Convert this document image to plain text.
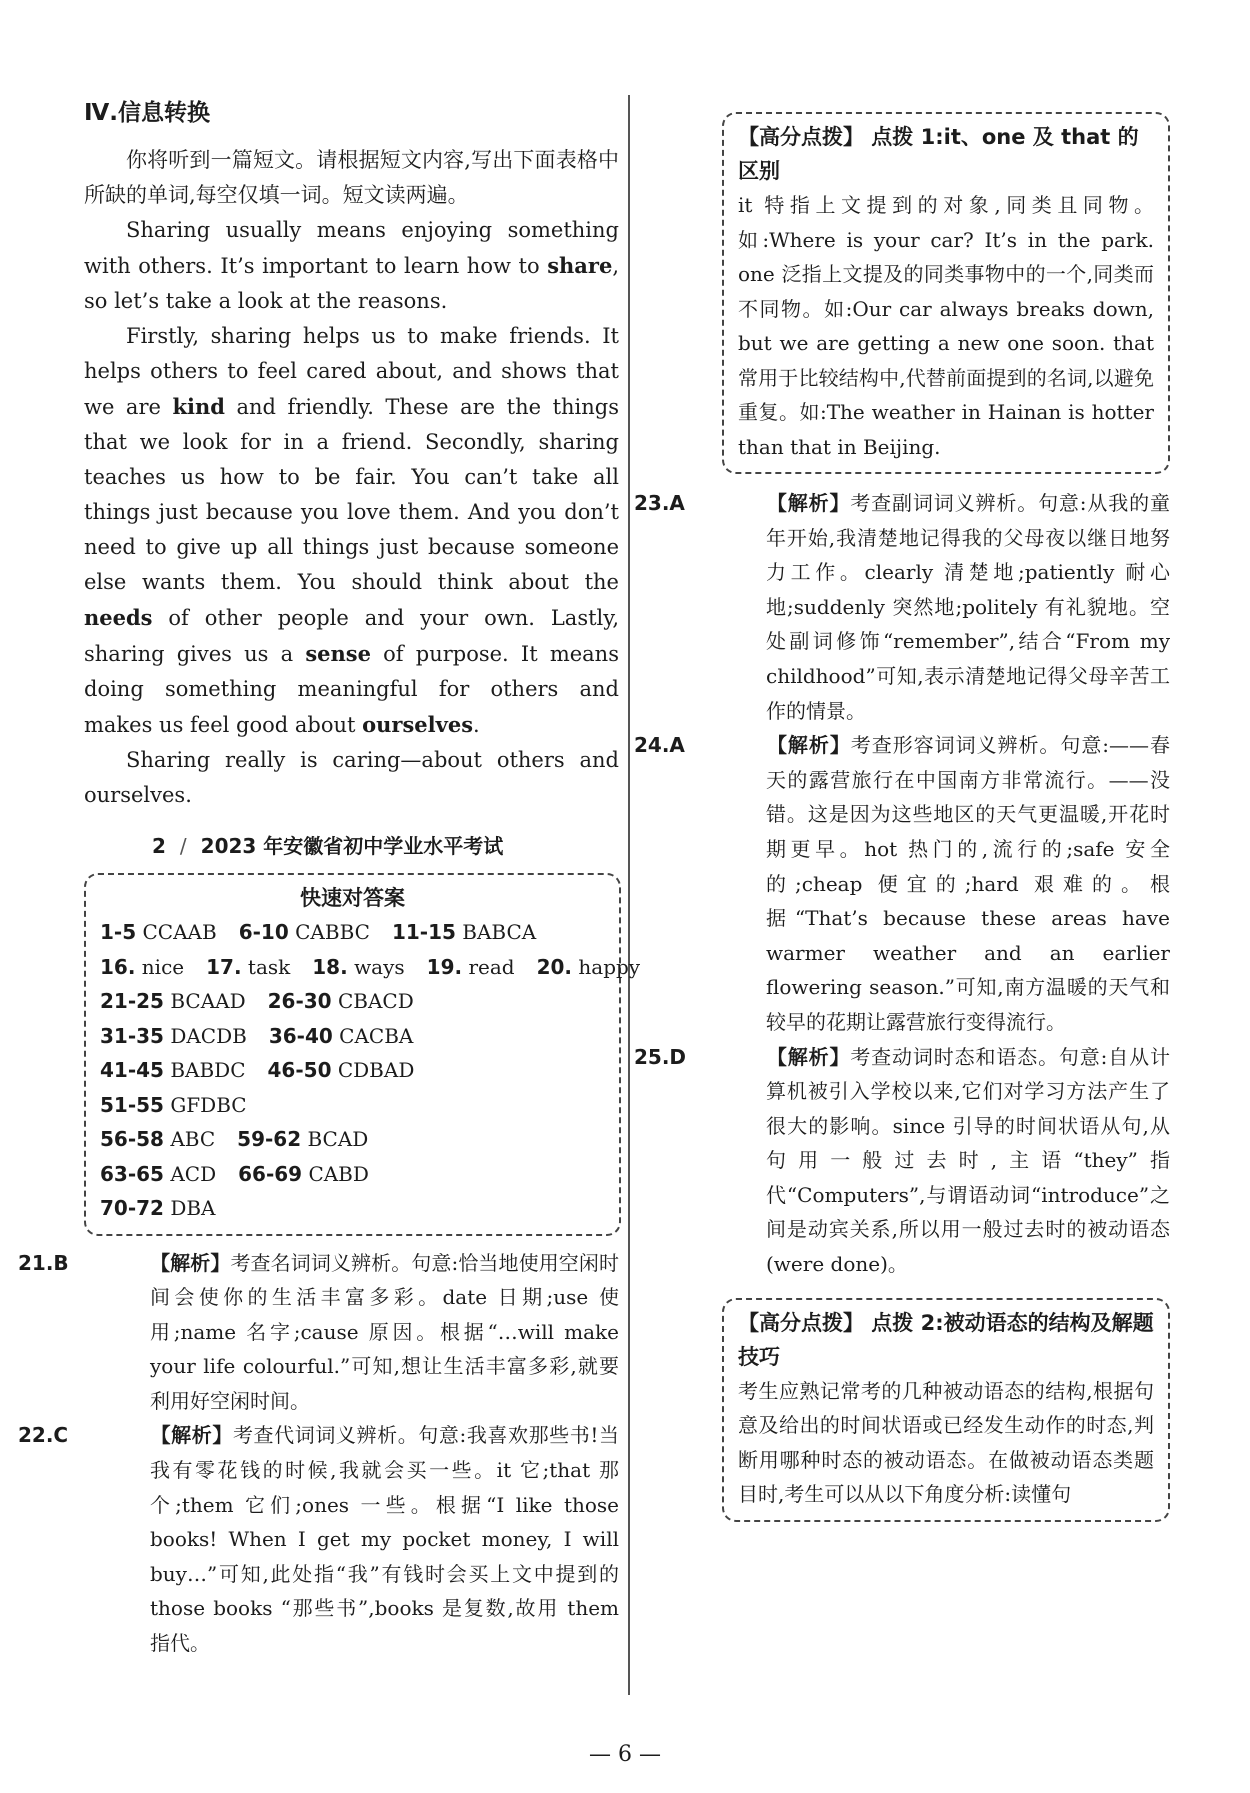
Ⅳ.信息转换

你将听到一篇短文。请根据短文内容,写出下面表格中所缺的单词,每空仅填一词。短文读两遍。

Sharing usually means enjoying something with others. It’s important to learn how to share, so let’s take a look at the reasons.

Firstly, sharing helps us to make friends. It helps others to feel cared about, and shows that we are kind and friendly. These are the things that we look for in a friend. Secondly, sharing teaches us how to be fair. You can’t take all things just because you love them. And you don’t need to give up all things just because someone else wants them. You should think about the needs of other people and your own. Lastly, sharing gives us a sense of purpose. It means doing something meaningful for others and makes us feel good about ourselves.

Sharing really is caring—about others and ourselves.

2 / 2023 年安徽省初中学业水平考试
快速对答案
1-5 CCAAB 6-10 CABBC 11-15 BABCA
16. nice 17. task 18. ways 19. read 20. happy
21-25 BCAAD 26-30 CBACD
31-35 DACDB 36-40 CACBA
41-45 BABDC 46-50 CDBAD
51-55 GFDBC
56-58 ABC 59-62 BCAD
63-65 ACD 66-69 CABD
70-72 DBA

21.B	【解析】考查名词词义辨析。句意:恰当地使用空闲时间会使你的生活丰富多彩。date 日期;use 使用;name 名字;cause 原因。根据“…will make your life colourful.”可知,想让生活丰富多彩,就要利用好空闲时间。

22.C	【解析】考查代词词义辨析。句意:我喜欢那些书!当我有零花钱的时候,我就会买一些。it 它;that 那个;them 它们;ones 一些。根据“I like those books! When I get my pocket money, I will buy…”可知,此处指“我”有钱时会买上文中提到的 those books “那些书”,books 是复数,故用 them 指代。

【高分点拨】 点拨 1:it、one 及 that 的区别

it 特指上文提到的对象,同类且同物。如:Where is your car? It’s in the park. one 泛指上文提及的同类事物中的一个,同类而不同物。如:Our car always breaks down, but we are getting a new one soon. that 常用于比较结构中,代替前面提到的名词,以避免重复。如:The weather in Hainan is hotter than that in Beijing.

23.A	【解析】考查副词词义辨析。句意:从我的童年开始,我清楚地记得我的父母夜以继日地努力工作。clearly 清楚地;patiently 耐心地;suddenly 突然地;politely 有礼貌地。空处副词修饰“remember”,结合“From my childhood”可知,表示清楚地记得父母辛苦工作的情景。

24.A	【解析】考查形容词词义辨析。句意:——春天的露营旅行在中国南方非常流行。——没错。这是因为这些地区的天气更温暖,开花时期更早。hot 热门的,流行的;safe 安全的;cheap 便宜的;hard 艰难的。根据“That’s because these areas have warmer weather and an earlier flowering season.”可知,南方温暖的天气和较早的花期让露营旅行变得流行。

25.D	【解析】考查动词时态和语态。句意:自从计算机被引入学校以来,它们对学习方法产生了很大的影响。since 引导的时间状语从句,从句用一般过去时,主语“they”指代“Computers”,与谓语动词“introduce”之间是动宾关系,所以用一般过去时的被动语态(were done)。

【高分点拨】 点拨 2:被动语态的结构及解题技巧

考生应熟记常考的几种被动语态的结构,根据句意及给出的时间状语或已经发生动作的时态,判断用哪种时态的被动语态。在做被动语态类题目时,考生可以从以下角度分析:读懂句

— 6 —
